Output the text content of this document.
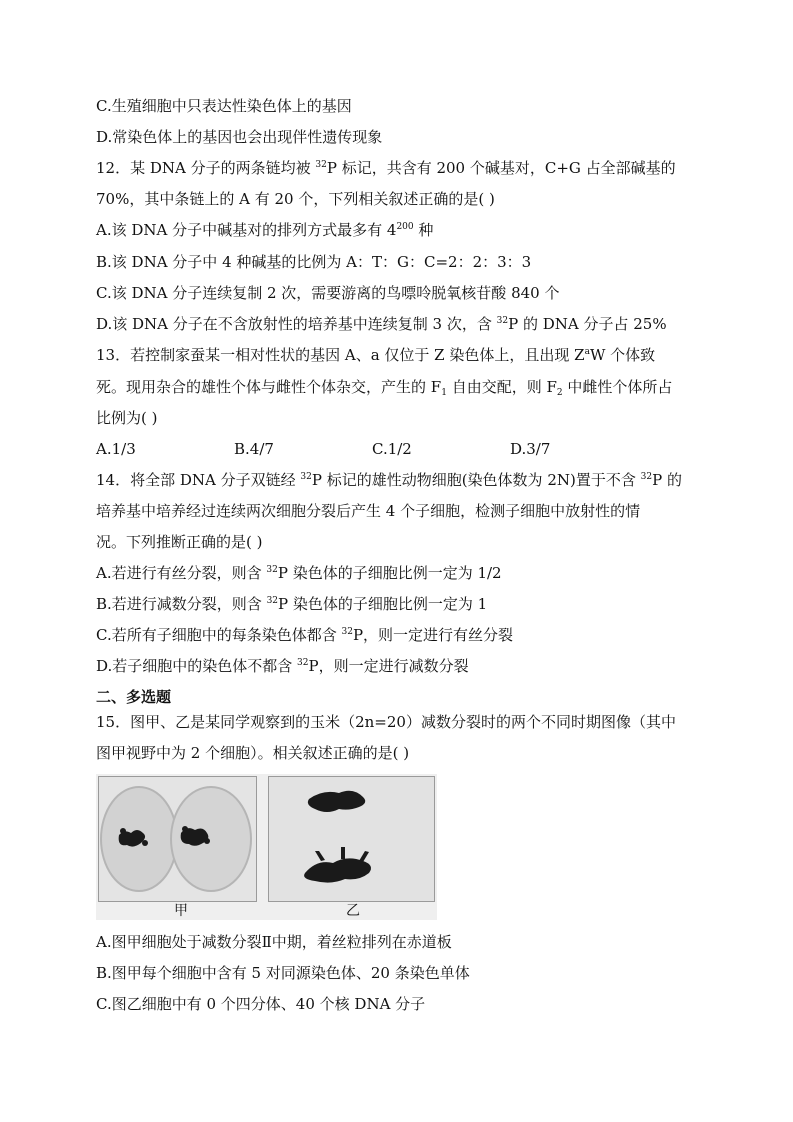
C.生殖细胞中只表达性染色体上的基因
D.常染色体上的基因也会出现伴性遗传现象
12．某 DNA 分子的两条链均被 $^{32}$P 标记，共含有 200 个碱基对，C+G 占全部碱基的
70%，其中条链上的 A 有 20 个，下列相关叙述正确的是( )
A.该 DNA 分子中碱基对的排列方式最多有 $4^{200}$ 种
B.该 DNA 分子中 4 种碱基的比例为 A：T：G：C=2：2：3：3
C.该 DNA 分子连续复制 2 次，需要游离的鸟嘌呤脱氧核苷酸 840 个
D.该 DNA 分子在不含放射性的培养基中连续复制 3 次，含 $^{32}$P 的 DNA 分子占 25%
13．若控制家蚕某一相对性状的基因 A、a 仅位于 Z 染色体上，且出现 $Z^aW$ 个体致
死。现用杂合的雄性个体与雌性个体杂交，产生的 $F_1$ 自由交配，则 $F_2$ 中雌性个体所占
比例为( )
A.1/3	B.4/7	C.1/2	D.3/7
14．将全部 DNA 分子双链经 $^{32}$P 标记的雄性动物细胞(染色体数为 2N)置于不含 $^{32}$P 的
培养基中培养经过连续两次细胞分裂后产生 4 个子细胞，检测子细胞中放射性的情
况。下列推断正确的是( )
A.若进行有丝分裂，则含 $^{32}$P 染色体的子细胞比例一定为 1/2
B.若进行减数分裂，则含 $^{32}$P 染色体的子细胞比例一定为 1
C.若所有子细胞中的每条染色体都含 $^{32}$P，则一定进行有丝分裂
D.若子细胞中的染色体不都含 $^{32}$P，则一定进行减数分裂
二、多选题
15．图甲、乙是某同学观察到的玉米（2n=20）减数分裂时的两个不同时期图像（其中
图甲视野中为 2 个细胞）。相关叙述正确的是( )
甲	乙
A.图甲细胞处于减数分裂Ⅱ中期，着丝粒排列在赤道板
B.图甲每个细胞中含有 5 对同源染色体、20 条染色单体
C.图乙细胞中有 0 个四分体、40 个核 DNA 分子
